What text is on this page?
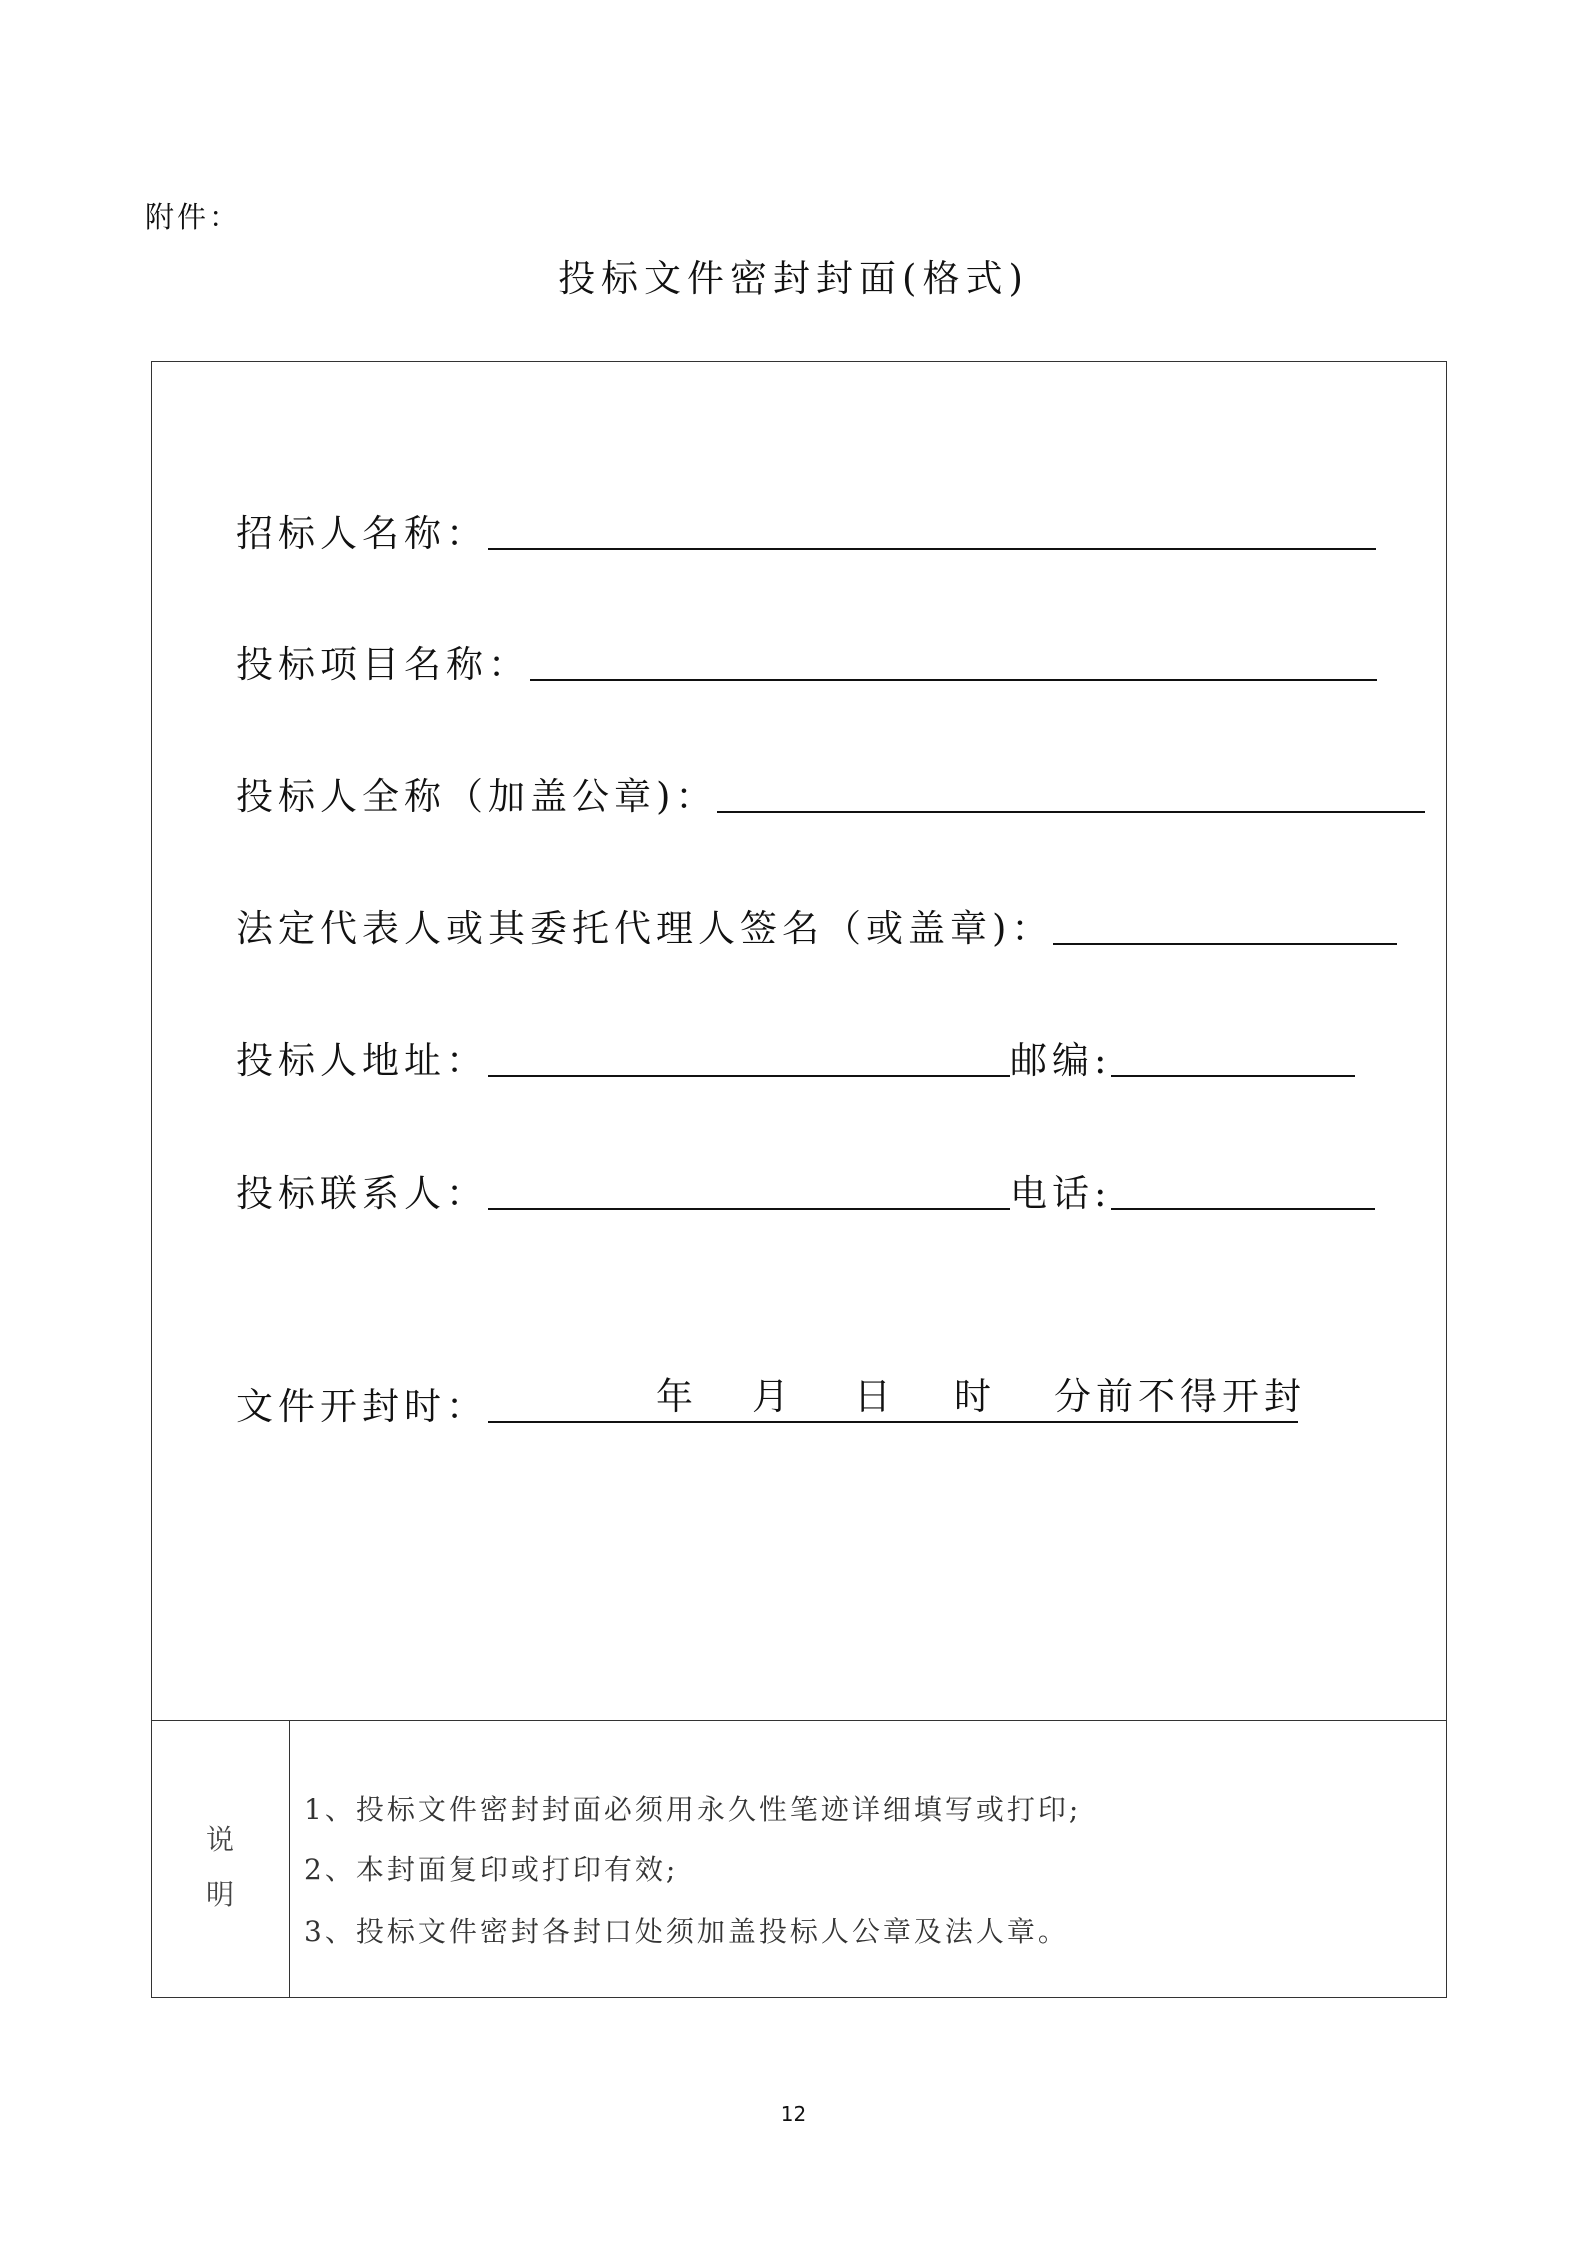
附件：
投标文件密封封面(格式)
招标人名称：
投标项目名称：
投标人全称（加盖公章)：
法定代表人或其委托代理人签名（或盖章)：
投标人地址：	邮编:
投标联系人：	电话:
文件开封时：	年 月 日 时 分前不得开封
说
明
1、投标文件密封封面必须用永久性笔迹详细填写或打印;
2、本封面复印或打印有效;
3、投标文件密封各封口处须加盖投标人公章及法人章。
12
